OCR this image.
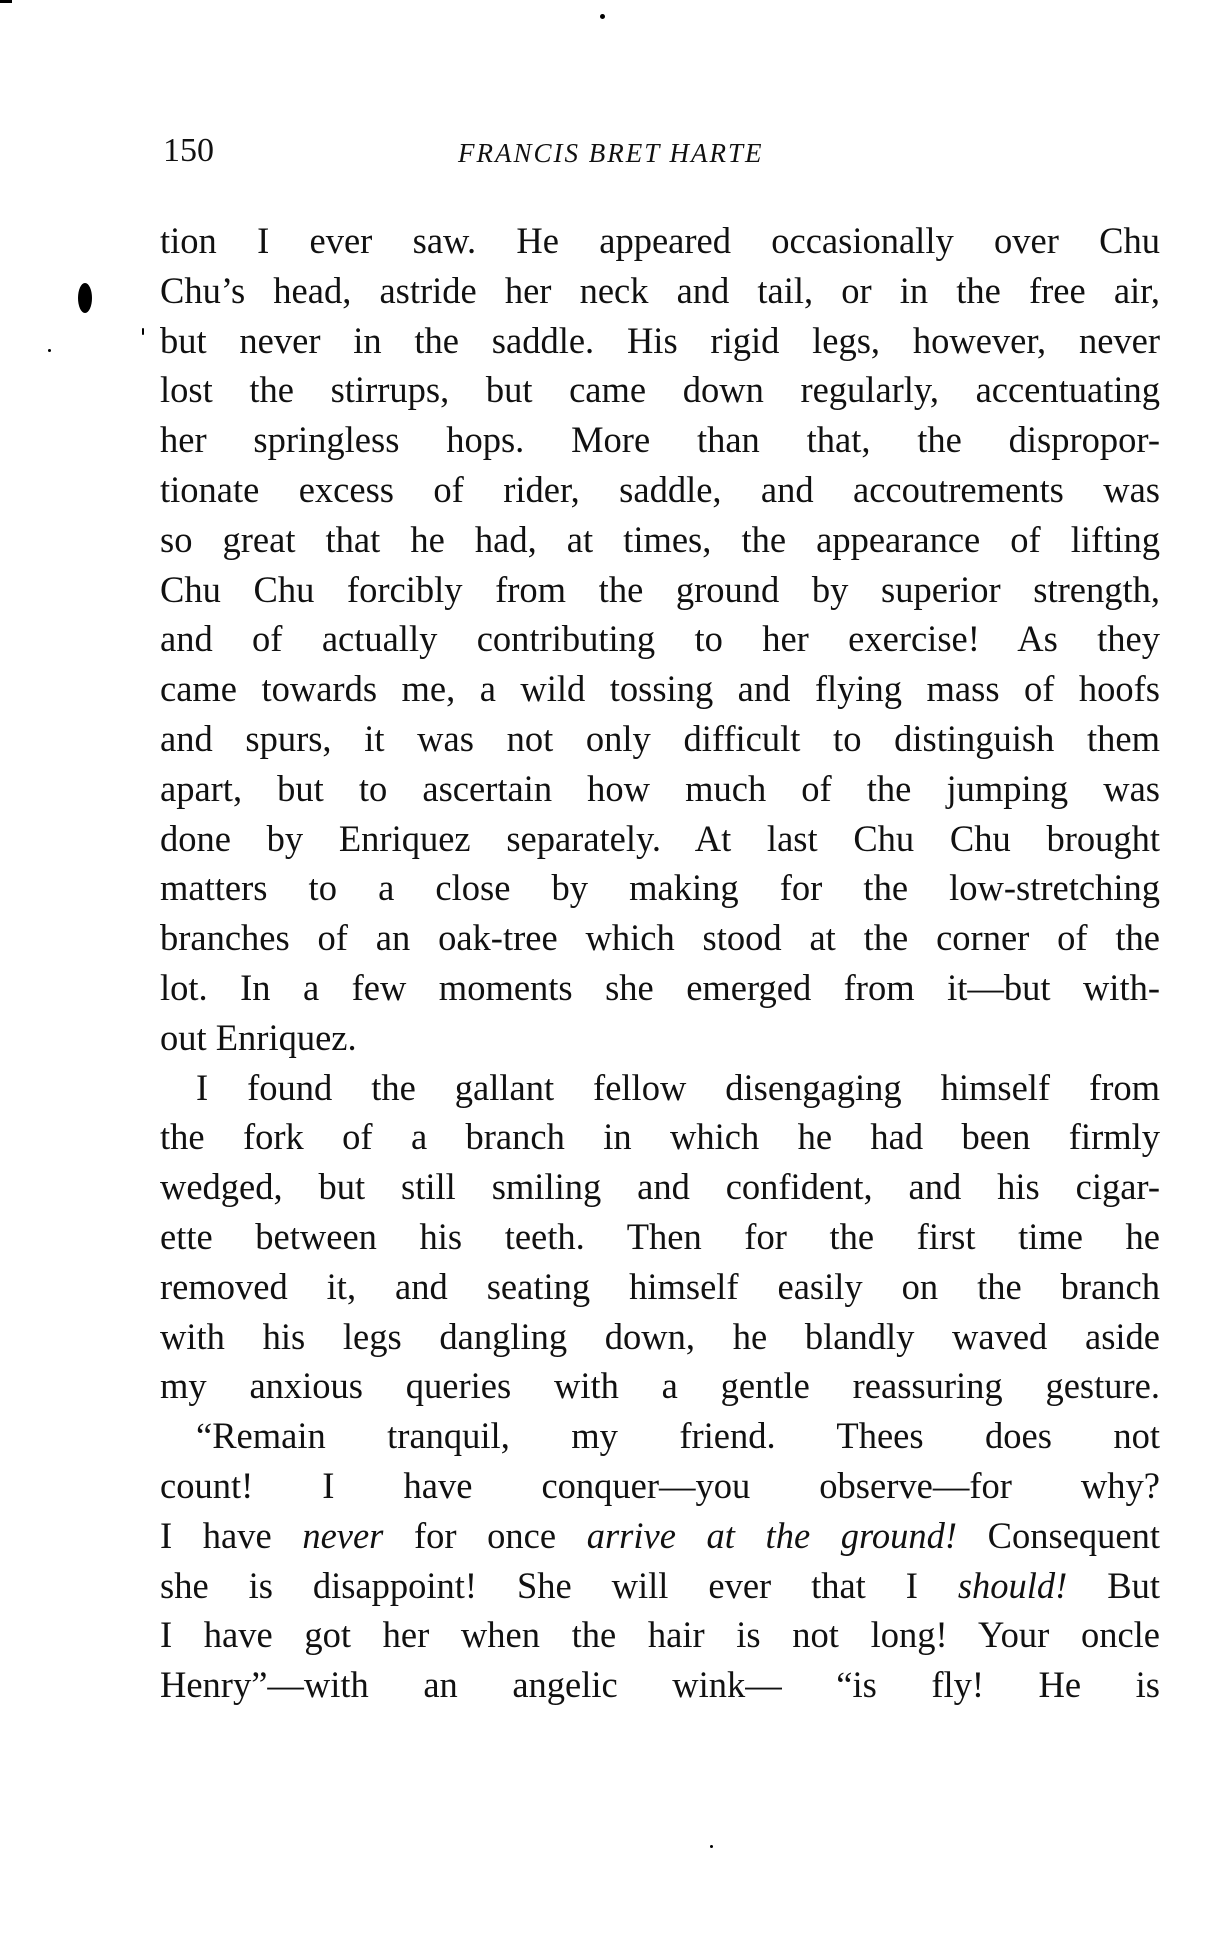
150	FRANCIS BRET HARTE
tion I ever saw. He appeared occasionally over Chu
Chu’s head, astride her neck and tail, or in the free air,
but never in the saddle. His rigid legs, however, never
lost the stirrups, but came down regularly, accentuating
her springless hops. More than that, the dispropor-
tionate excess of rider, saddle, and accoutrements was
so great that he had, at times, the appearance of lifting
Chu Chu forcibly from the ground by superior strength,
and of actually contributing to her exercise! As they
came towards me, a wild tossing and flying mass of hoofs
and spurs, it was not only difficult to distinguish them
apart, but to ascertain how much of the jumping was
done by Enriquez separately. At last Chu Chu brought
matters to a close by making for the low-stretching
branches of an oak-tree which stood at the corner of the
lot. In a few moments she emerged from it—but with-
out Enriquez.
I found the gallant fellow disengaging himself from
the fork of a branch in which he had been firmly
wedged, but still smiling and confident, and his cigar-
ette between his teeth. Then for the first time he
removed it, and seating himself easily on the branch
with his legs dangling down, he blandly waved aside
my anxious queries with a gentle reassuring gesture.
“Remain tranquil, my friend. Thees does not
count! I have conquer—you observe—for why?
I have never for once arrive at the ground! Consequent
she is disappoint! She will ever that I should! But
I have got her when the hair is not long! Your oncle
Henry”—with an angelic wink— “is fly! He is
